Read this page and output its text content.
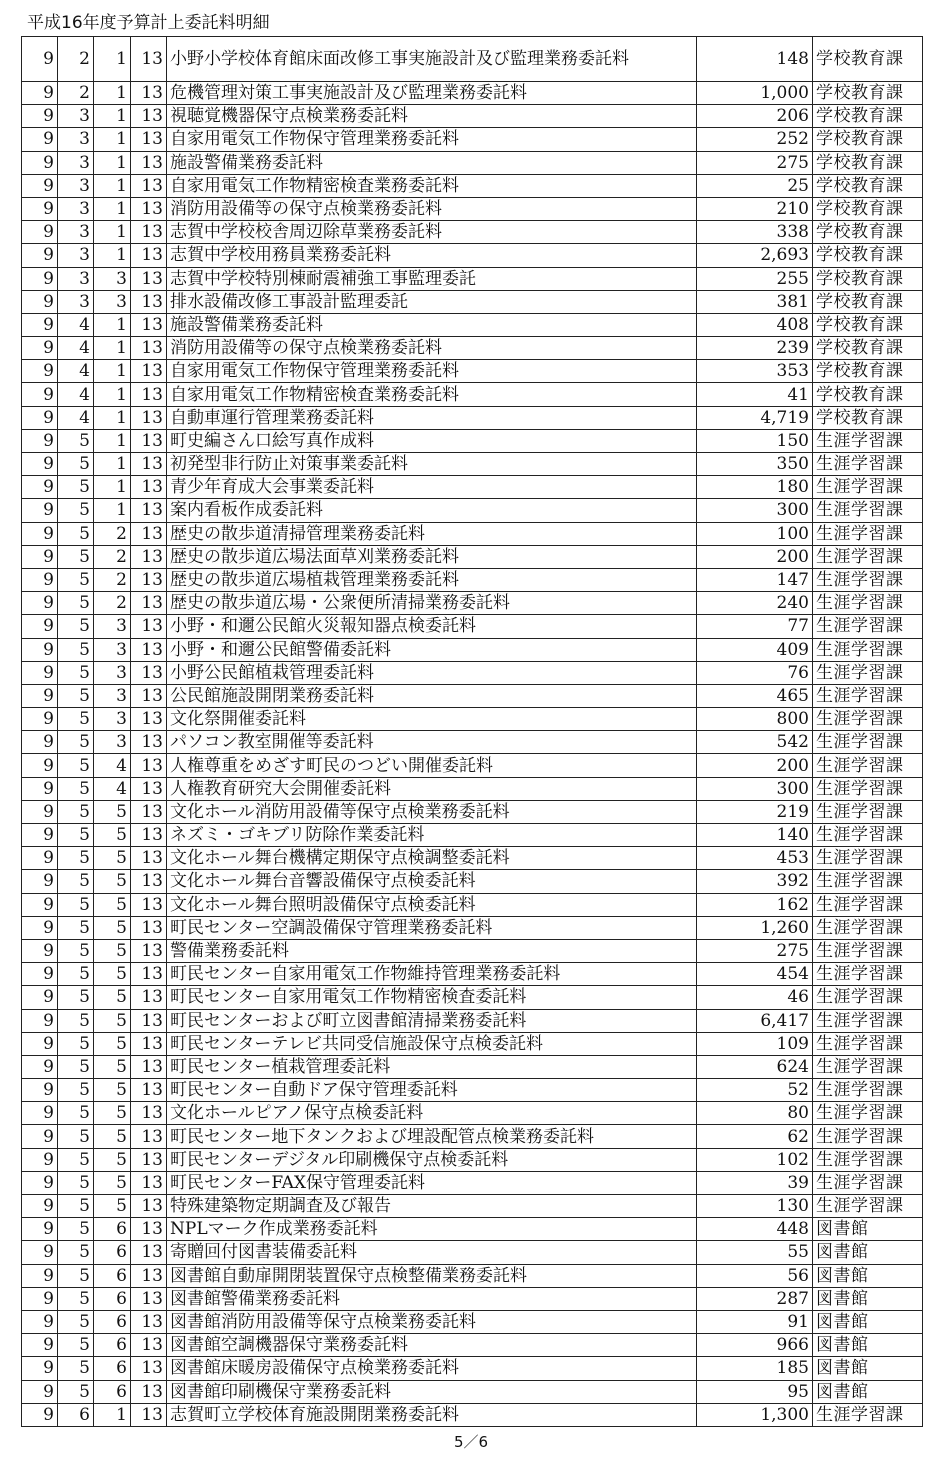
平成16年度予算計上委託料明細
9	2	1	13	小野小学校体育館床面改修工事実施設計及び監理業務委託料	148	学校教育課
9	2	1	13	危機管理対策工事実施設計及び監理業務委託料	1,000	学校教育課
9	3	1	13	視聴覚機器保守点検業務委託料	206	学校教育課
9	3	1	13	自家用電気工作物保守管理業務委託料	252	学校教育課
9	3	1	13	施設警備業務委託料	275	学校教育課
9	3	1	13	自家用電気工作物精密検査業務委託料	25	学校教育課
9	3	1	13	消防用設備等の保守点検業務委託料	210	学校教育課
9	3	1	13	志賀中学校校舎周辺除草業務委託料	338	学校教育課
9	3	1	13	志賀中学校用務員業務委託料	2,693	学校教育課
9	3	3	13	志賀中学校特別棟耐震補強工事監理委託	255	学校教育課
9	3	3	13	排水設備改修工事設計監理委託	381	学校教育課
9	4	1	13	施設警備業務委託料	408	学校教育課
9	4	1	13	消防用設備等の保守点検業務委託料	239	学校教育課
9	4	1	13	自家用電気工作物保守管理業務委託料	353	学校教育課
9	4	1	13	自家用電気工作物精密検査業務委託料	41	学校教育課
9	4	1	13	自動車運行管理業務委託料	4,719	学校教育課
9	5	1	13	町史編さん口絵写真作成料	150	生涯学習課
9	5	1	13	初発型非行防止対策事業委託料	350	生涯学習課
9	5	1	13	青少年育成大会事業委託料	180	生涯学習課
9	5	1	13	案内看板作成委託料	300	生涯学習課
9	5	2	13	歴史の散歩道清掃管理業務委託料	100	生涯学習課
9	5	2	13	歴史の散歩道広場法面草刈業務委託料	200	生涯学習課
9	5	2	13	歴史の散歩道広場植栽管理業務委託料	147	生涯学習課
9	5	2	13	歴史の散歩道広場・公衆便所清掃業務委託料	240	生涯学習課
9	5	3	13	小野・和邇公民館火災報知器点検委託料	77	生涯学習課
9	5	3	13	小野・和邇公民館警備委託料	409	生涯学習課
9	5	3	13	小野公民館植栽管理委託料	76	生涯学習課
9	5	3	13	公民館施設開閉業務委託料	465	生涯学習課
9	5	3	13	文化祭開催委託料	800	生涯学習課
9	5	3	13	パソコン教室開催等委託料	542	生涯学習課
9	5	4	13	人権尊重をめざす町民のつどい開催委託料	200	生涯学習課
9	5	4	13	人権教育研究大会開催委託料	300	生涯学習課
9	5	5	13	文化ホール消防用設備等保守点検業務委託料	219	生涯学習課
9	5	5	13	ネズミ・ゴキブリ防除作業委託料	140	生涯学習課
9	5	5	13	文化ホール舞台機構定期保守点検調整委託料	453	生涯学習課
9	5	5	13	文化ホール舞台音響設備保守点検委託料	392	生涯学習課
9	5	5	13	文化ホール舞台照明設備保守点検委託料	162	生涯学習課
9	5	5	13	町民センター空調設備保守管理業務委託料	1,260	生涯学習課
9	5	5	13	警備業務委託料	275	生涯学習課
9	5	5	13	町民センター自家用電気工作物維持管理業務委託料	454	生涯学習課
9	5	5	13	町民センター自家用電気工作物精密検査委託料	46	生涯学習課
9	5	5	13	町民センターおよび町立図書館清掃業務委託料	6,417	生涯学習課
9	5	5	13	町民センターテレビ共同受信施設保守点検委託料	109	生涯学習課
9	5	5	13	町民センター植栽管理委託料	624	生涯学習課
9	5	5	13	町民センター自動ドア保守管理委託料	52	生涯学習課
9	5	5	13	文化ホールピアノ保守点検委託料	80	生涯学習課
9	5	5	13	町民センター地下タンクおよび埋設配管点検業務委託料	62	生涯学習課
9	5	5	13	町民センターデジタル印刷機保守点検委託料	102	生涯学習課
9	5	5	13	町民センターFAX保守管理委託料	39	生涯学習課
9	5	5	13	特殊建築物定期調査及び報告	130	生涯学習課
9	5	6	13	NPLマーク作成業務委託料	448	図書館
9	5	6	13	寄贈回付図書装備委託料	55	図書館
9	5	6	13	図書館自動扉開閉装置保守点検整備業務委託料	56	図書館
9	5	6	13	図書館警備業務委託料	287	図書館
9	5	6	13	図書館消防用設備等保守点検業務委託料	91	図書館
9	5	6	13	図書館空調機器保守業務委託料	966	図書館
9	5	6	13	図書館床暖房設備保守点検業務委託料	185	図書館
9	5	6	13	図書館印刷機保守業務委託料	95	図書館
9	6	1	13	志賀町立学校体育施設開閉業務委託料	1,300	生涯学習課
5／6
